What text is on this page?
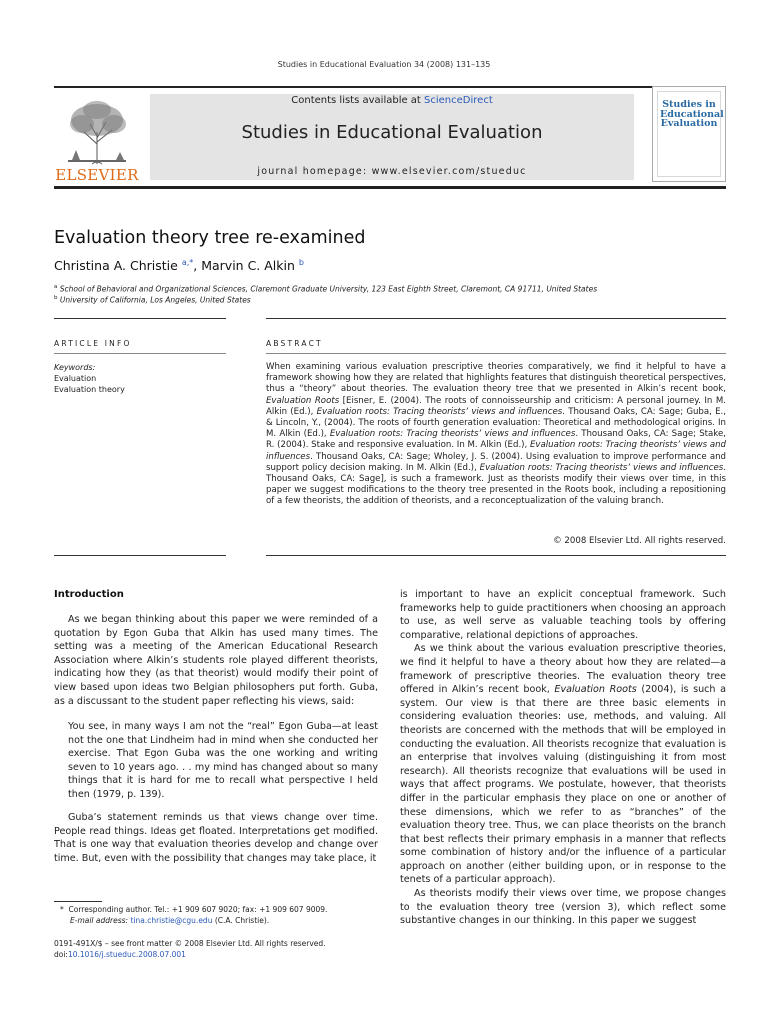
Studies in Educational Evaluation 34 (2008) 131–135
ELSEVIER
Contents lists available at ScienceDirect
Studies in Educational Evaluation
journal homepage: www.elsevier.com/stueduc
Studies in
Educational
Evaluation
Evaluation theory tree re-examined
Christina A. Christie $^{a,*}$, Marvin C. Alkin $^b$
$^a$ School of Behavioral and Organizational Sciences, Claremont Graduate University, 123 East Eighth Street, Claremont, CA 91711, United States
$^b$ University of California, Los Angeles, United States
ARTICLE INFO	ABSTRACT
Keywords:
Evaluation
Evaluation theory
When examining various evaluation prescriptive theories comparatively, we find it helpful to have a framework showing how they are related that highlights features that distinguish theoretical perspectives, thus a “theory” about theories. The evaluation theory tree that we presented in Alkin’s recent book, Evaluation Roots [Eisner, E. (2004). The roots of connoisseurship and criticism: A personal journey. In M. Alkin (Ed.), Evaluation roots: Tracing theorists’ views and influences. Thousand Oaks, CA: Sage; Guba, E., & Lincoln, Y., (2004). The roots of fourth generation evaluation: Theoretical and methodological origins. In M. Alkin (Ed.), Evaluation roots: Tracing theorists’ views and influences. Thousand Oaks, CA: Sage; Stake, R. (2004). Stake and responsive evaluation. In M. Alkin (Ed.), Evaluation roots: Tracing theorists’ views and influences. Thousand Oaks, CA: Sage; Wholey, J. S. (2004). Using evaluation to improve performance and support policy decision making. In M. Alkin (Ed.), Evaluation roots: Tracing theorists’ views and influences. Thousand Oaks, CA: Sage], is such a framework. Just as theorists modify their views over time, in this paper we suggest modifications to the theory tree presented in the Roots book, including a repositioning of a few theorists, the addition of theorists, and a reconceptualization of the valuing branch.
© 2008 Elsevier Ltd. All rights reserved.
Introduction

As we began thinking about this paper we were reminded of a quotation by Egon Guba that Alkin has used many times. The setting was a meeting of the American Educational Research Association where Alkin’s students role played different theorists, indicating how they (as that theorist) would modify their point of view based upon ideas two Belgian philosophers put forth. Guba, as a discussant to the student paper reflecting his views, said:

You see, in many ways I am not the “real” Egon Guba—at least not the one that Lindheim had in mind when she conducted her exercise. That Egon Guba was the one working and writing seven to 10 years ago. . . my mind has changed about so many things that it is hard for me to recall what perspective I held then (1979, p. 139).

Guba’s statement reminds us that views change over time. People read things. Ideas get floated. Interpretations get modified. That is one way that evaluation theories develop and change over time. But, even with the possibility that changes may take place, it

is important to have an explicit conceptual framework. Such frameworks help to guide practitioners when choosing an approach to use, as well serve as valuable teaching tools by offering comparative, relational depictions of approaches.

As we think about the various evaluation prescriptive theories, we find it helpful to have a theory about how they are related—a framework of prescriptive theories. The evaluation theory tree offered in Alkin’s recent book, Evaluation Roots (2004), is such a system. Our view is that there are three basic elements in considering evaluation theories: use, methods, and valuing. All theorists are concerned with the methods that will be employed in conducting the evaluation. All theorists recognize that evaluation is an enterprise that involves valuing (distinguishing it from most research). All theorists recognize that evaluations will be used in ways that affect programs. We postulate, however, that theorists differ in the particular emphasis they place on one or another of these dimensions, which we refer to as “branches” of the evaluation theory tree. Thus, we can place theorists on the branch that best reflects their primary emphasis in a manner that reflects some combination of history and/or the influence of a particular approach on another (either building upon, or in response to the tenets of a particular approach).

As theorists modify their views over time, we propose changes to the evaluation theory tree (version 3), which reflect some substantive changes in our thinking. In this paper we suggest

* Corresponding author. Tel.: +1 909 607 9020; fax: +1 909 607 9009.
E-mail address: tina.christie@cgu.edu (C.A. Christie).
0191-491X/$ – see front matter © 2008 Elsevier Ltd. All rights reserved.
doi:10.1016/j.stueduc.2008.07.001
